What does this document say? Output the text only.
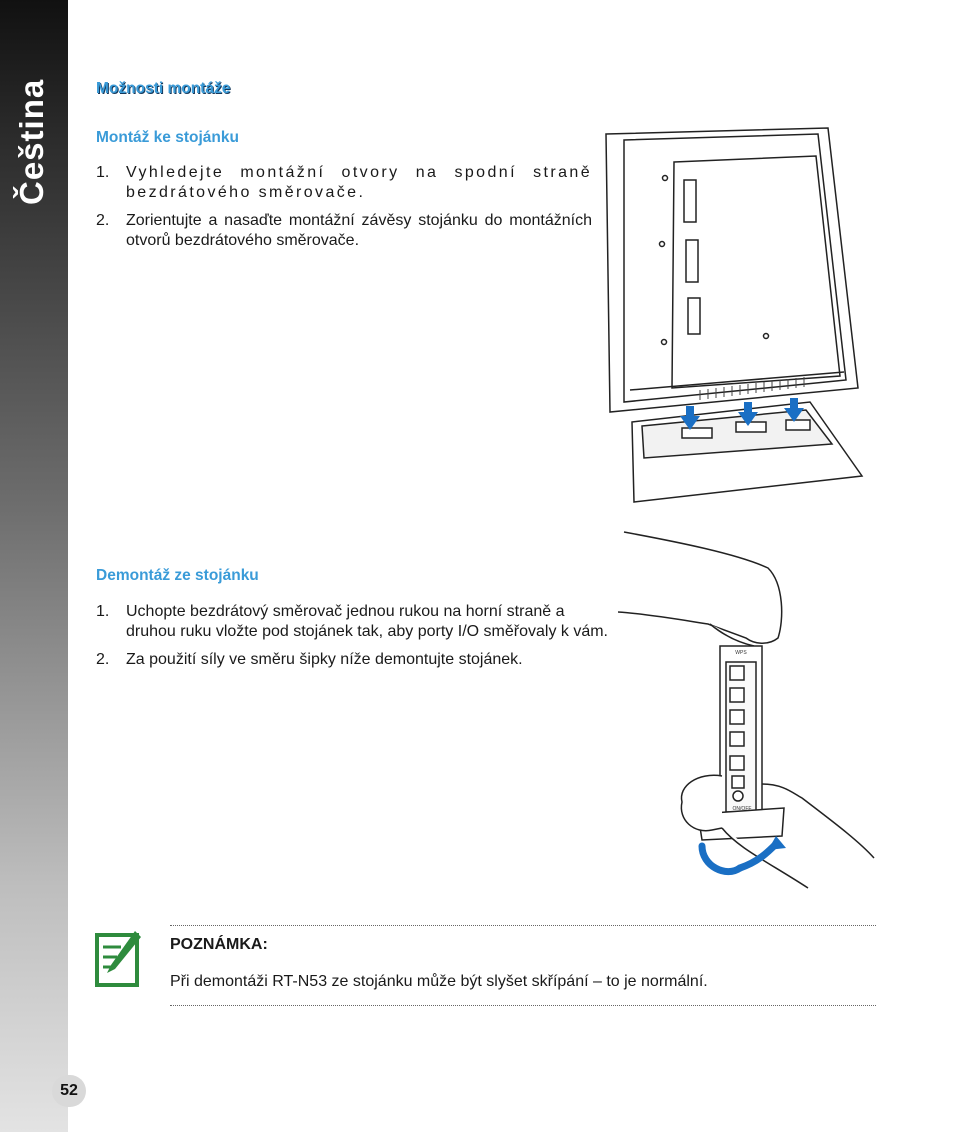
Čeština
52
Možnosti montáže
Montáž ke stojánku
1. Vyhledejte montážní otvory na spodní straně bezdrátového směrovače.
2. Zorientujte a nasaďte montážní závěsy stojánku do montážních otvorů bezdrátového směrovače.
Demontáž ze stojánku
1. Uchopte bezdrátový směrovač jednou rukou na horní straně a druhou ruku vložte pod stojánek tak, aby porty I/O směřovaly k vám.
2. Za použití síly ve směru šipky níže demontujte stojánek.	WPS
ON/OFF
POZNÁMKA:
Při demontáži RT-N53 ze stojánku může být slyšet skřípání – to je normální.
